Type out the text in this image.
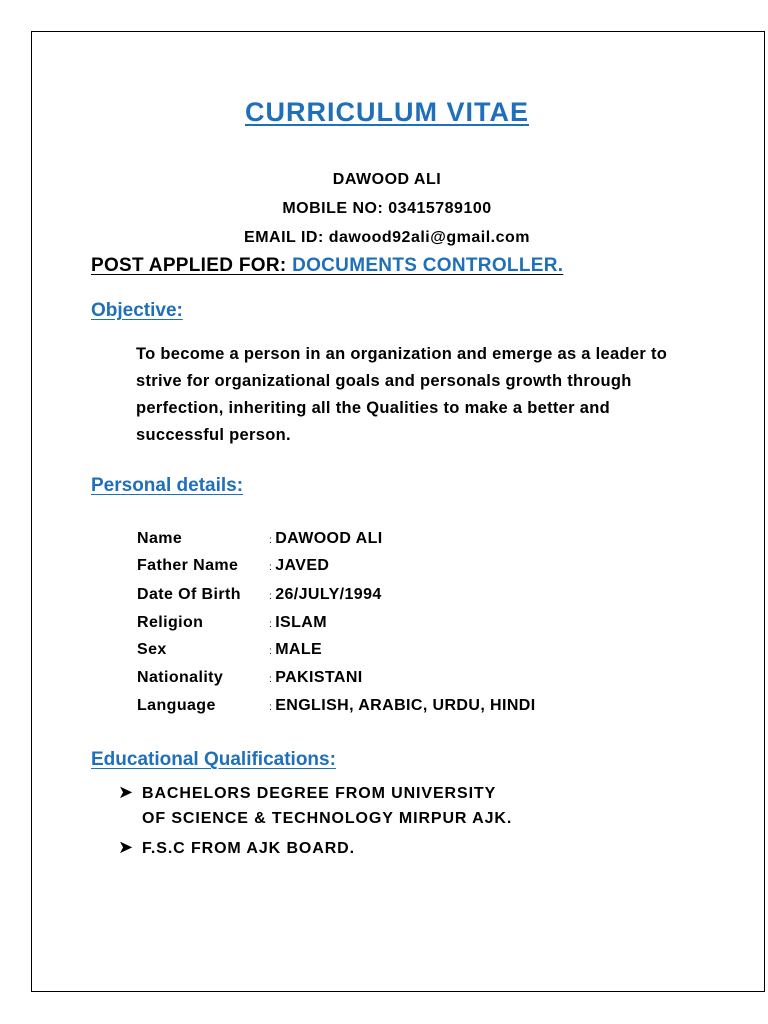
CURRICULUM VITAE
DAWOOD ALI
MOBILE NO: 03415789100
EMAIL ID: dawood92ali@gmail.com
POST APPLIED FOR: DOCUMENTS CONTROLLER.
Objective:
To become a person in an organization and emerge as a leader to strive for organizational goals and personals growth through perfection, inheriting all the Qualities to make a better and successful person.
Personal details:
Name	: DAWOOD ALI
Father Name	: JAVED
Date Of Birth	: 26/JULY/1994
Religion	: ISLAM
Sex	: MALE
Nationality	: PAKISTANI
Language	: ENGLISH, ARABIC, URDU, HINDI
Educational Qualifications:
➤ BACHELORS DEGREE FROM UNIVERSITY
OF SCIENCE & TECHNOLOGY MIRPUR AJK.
➤ F.S.C FROM AJK BOARD.
